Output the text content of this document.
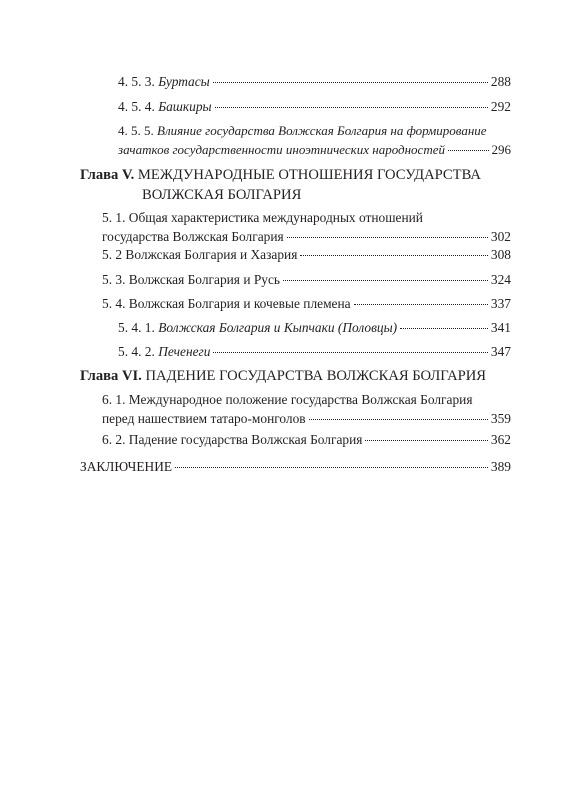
4. 5. 3. Буртасы	288
4. 5. 4. Башкиры	292
4. 5. 5. Влияние государства Волжская Болгария на формирование
зачатков государственности иноэтнических народностей	296
Глава V. МЕЖДУНАРОДНЫЕ ОТНОШЕНИЯ ГОСУДАРСТВА
ВОЛЖСКАЯ БОЛГАРИЯ
5. 1. Общая характеристика международных отношений
государства Волжская Болгария	302
5. 2 Волжская Болгария и Хазария	308
5. 3. Волжская Болгария и Русь	324
5. 4. Волжская Болгария и кочевые племена	337
5. 4. 1. Волжская Болгария и Кыпчаки (Половцы)	341
5. 4. 2. Печенеги	347
Глава VI. ПАДЕНИЕ ГОСУДАРСТВА ВОЛЖСКАЯ БОЛГАРИЯ
6. 1. Международное положение государства Волжская Болгария
перед нашествием татаро-монголов	359
6. 2. Падение государства Волжская Болгария	362
ЗАКЛЮЧЕНИЕ	389
